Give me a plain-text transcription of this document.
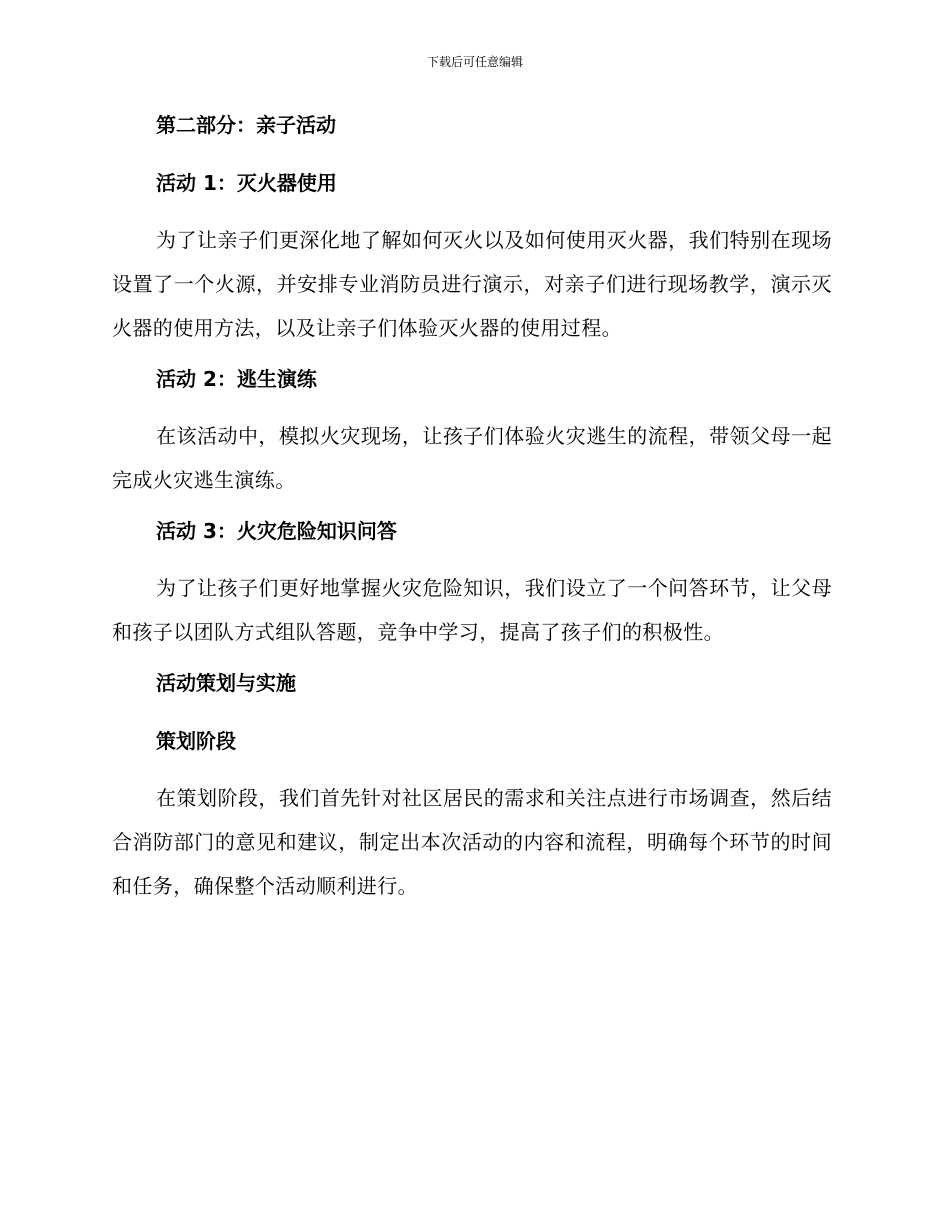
下载后可任意编辑
第二部分：亲子活动
活动 1：灭火器使用

为了让亲子们更深化地了解如何灭火以及如何使用灭火器，我们特别在现场设置了一个火源，并安排专业消防员进行演示，对亲子们进行现场教学，演示灭火器的使用方法，以及让亲子们体验灭火器的使用过程。

活动 2：逃生演练

在该活动中，模拟火灾现场，让孩子们体验火灾逃生的流程，带领父母一起完成火灾逃生演练。

活动 3：火灾危险知识问答

为了让孩子们更好地掌握火灾危险知识，我们设立了一个问答环节，让父母和孩子以团队方式组队答题，竞争中学习，提高了孩子们的积极性。

活动策划与实施
策划阶段

在策划阶段，我们首先针对社区居民的需求和关注点进行市场调查，然后结合消防部门的意见和建议，制定出本次活动的内容和流程，明确每个环节的时间和任务，确保整个活动顺利进行。
